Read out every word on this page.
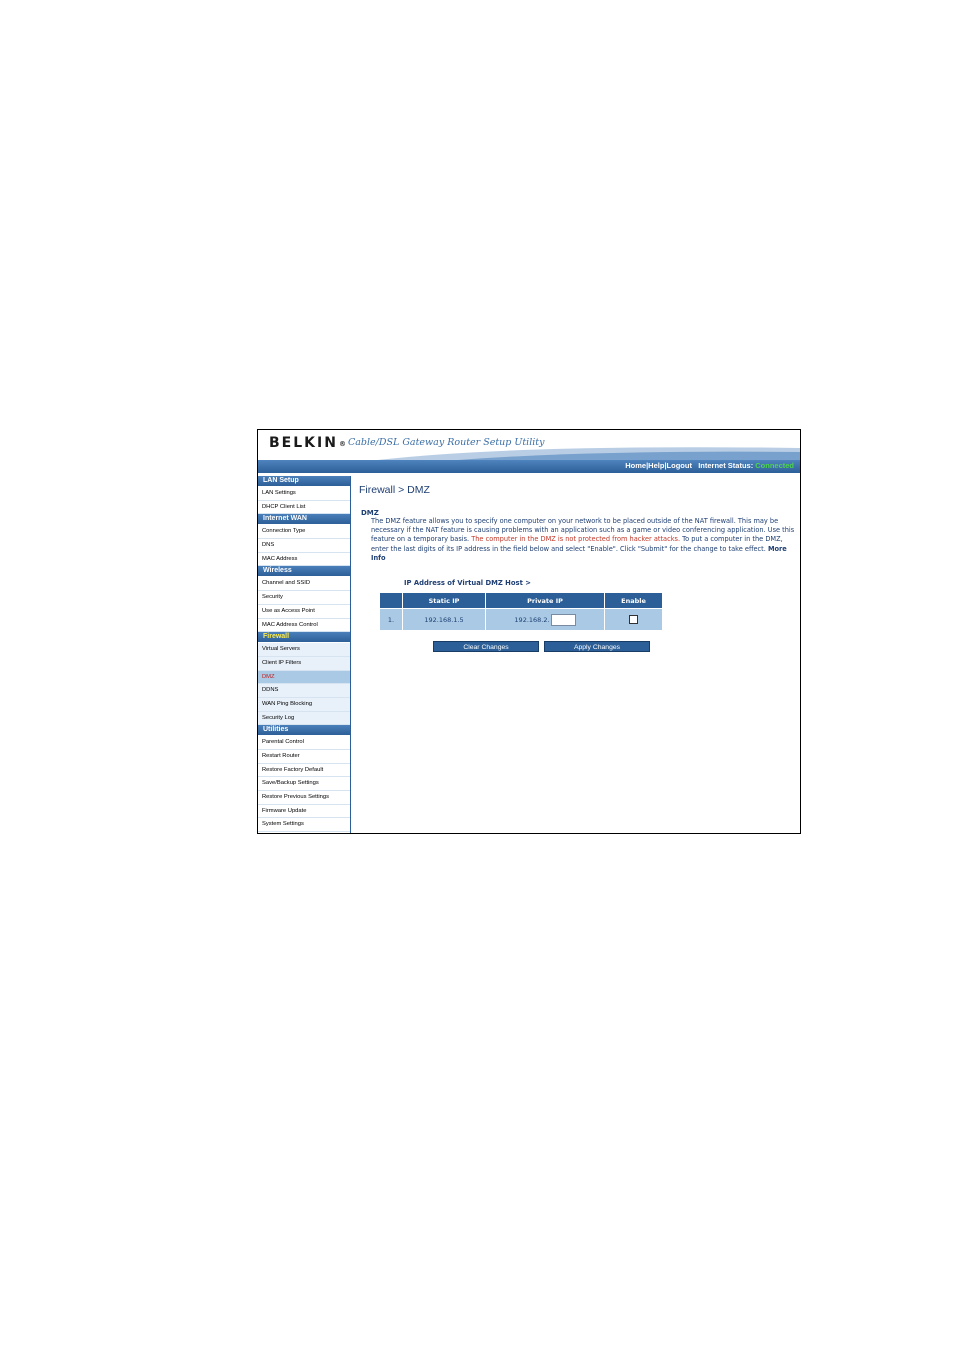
BELKIN® Cable/DSL Gateway Router Setup Utility
Home|Help|Logout Internet Status: Connected
LAN Setup
LAN Settings
DHCP Client List
Internet WAN
Connection Type
DNS
MAC Address
Wireless
Channel and SSID
Security
Use as Access Point
MAC Address Control
Firewall
Virtual Servers
Client IP Filters
DMZ
DDNS
WAN Ping Blocking
Security Log
Utilities
Parental Control
Restart Router
Restore Factory Default
Save/Backup Settings
Restore Previous Settings
Firmware Update
System Settings
Firewall > DMZ
DMZ
The DMZ feature allows you to specify one computer on your network to be placed outside of the NAT firewall. This may be necessary if the NAT feature is causing problems with an application such as a game or video conferencing application. Use this feature on a temporary basis. The computer in the DMZ is not protected from hacker attacks. To put a computer in the DMZ, enter the last digits of its IP address in the field below and select "Enable". Click "Submit" for the change to take effect. More Info
IP Address of Virtual DMZ Host >
	Static IP	Private IP	Enable
1.	192.168.1.5	192.168.2.	
Clear Changes	Apply Changes
